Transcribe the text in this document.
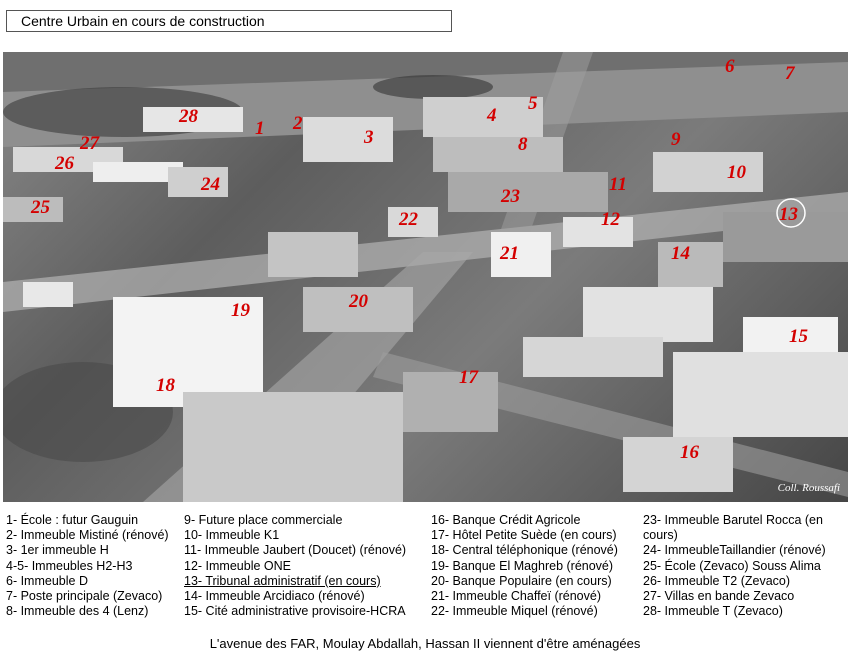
Centre Urbain en cours de construction
1 2
3
4
5
6	7
8	9
10
11
12	13
14
15
16
17
18
19	20
21
22
23
24
25
26
27
28
Coll. Roussafi
1- École : futur Gauguin
2- Immeuble Mistiné (rénové)
3- 1er immeuble H
4-5- Immeubles H2-H3
6- Immeuble D
7- Poste principale (Zevaco)
8- Immeuble des 4 (Lenz)
9- Future place commerciale
10- Immeuble K1
11- Immeuble Jaubert (Doucet) (rénové)
12- Immeuble ONE
13- Tribunal administratif (en cours)
14- Immeuble Arcidiaco (rénové)
15- Cité administrative provisoire-HCRA
16- Banque Crédit Agricole
17- Hôtel Petite Suède (en cours)
18- Central téléphonique (rénové)
19- Banque El Maghreb (rénové)
20- Banque Populaire (en cours)
21- Immeuble Chaffeï (rénové)
22- Immeuble Miquel (rénové)
23- Immeuble Barutel Rocca (en cours)
24- ImmeubleTaillandier (rénové)
25- École (Zevaco) Souss Alima
26- Immeuble T2 (Zevaco)
27- Villas en bande Zevaco
28- Immeuble T (Zevaco)
L'avenue des FAR, Moulay Abdallah, Hassan II viennent d'être aménagées
